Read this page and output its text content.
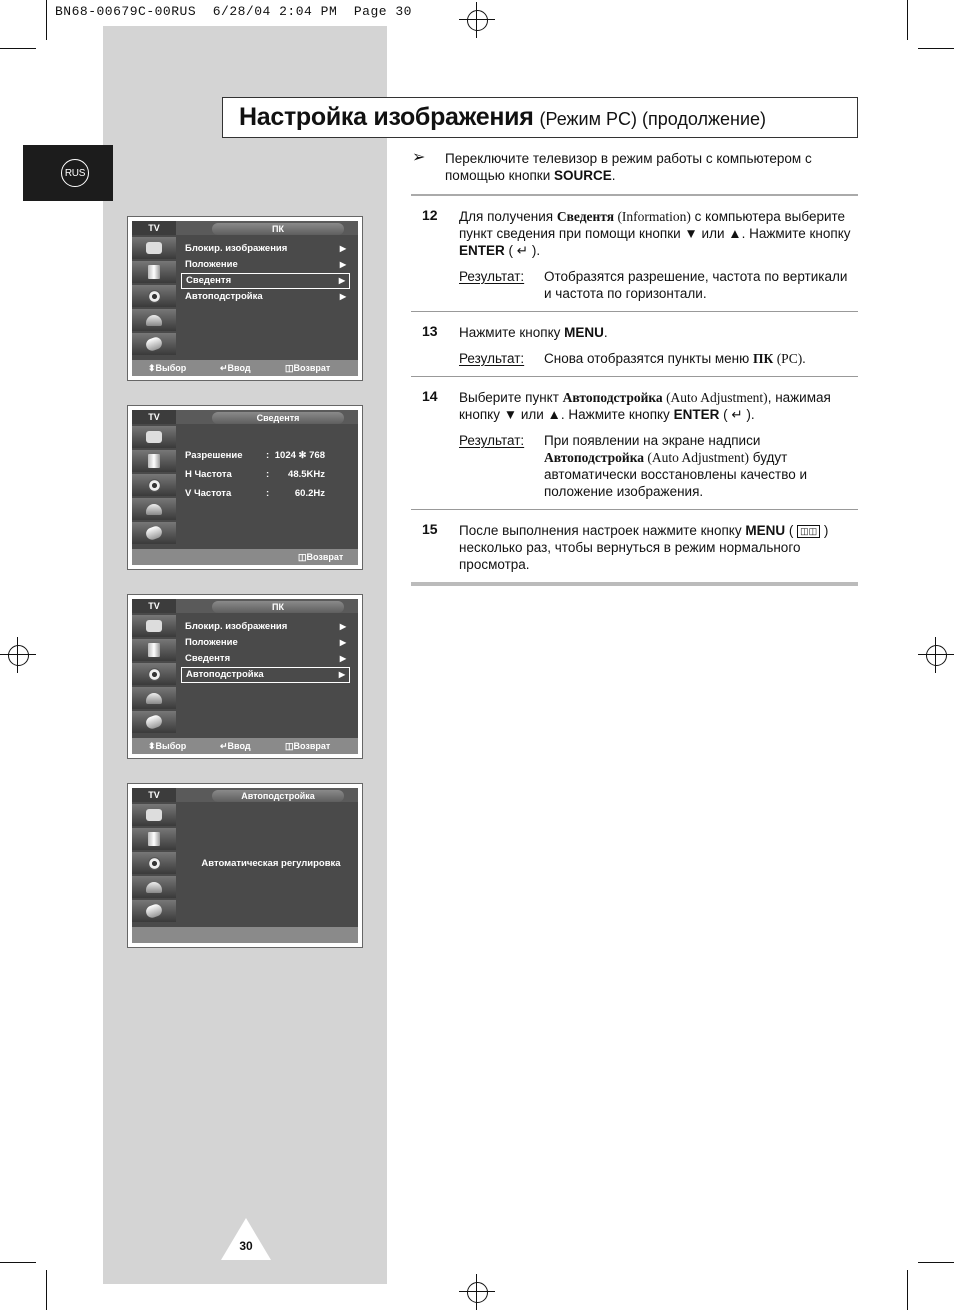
BN68-00679C-00RUS  6/28/04 2:04 PM  Page 30
RUS
Настройка изображения (Режим PC) (продолжение)
➢ Переключите телевизор в режим работы с компьютером с помощью кнопки SOURCE.
12 Для получения Сведентя (Information) с компьютера выберите пункт сведения при помощи кнопки ▼ или ▲. Нажмите кнопку ENTER ( ↵ ).
Результат:	Отобразятся разрешение, частота по вертикали и частота по горизонтали.
13 Нажмите кнопку MENU.
Результат:	Снова отобразятся пункты меню ПК (PC).
14 Выберите пункт Автоподстройка (Auto Adjustment), нажимая кнопку ▼ или ▲. Нажмите кнопку ENTER ( ↵ ).
Результат:	При появлении на экране надписи Автоподстройка (Auto Adjustment) будут автоматически восстановлены качество и положение изображения.
15 После выполнения настроек нажмите кнопку MENU ( ◫◫ ) несколько раз, чтобы вернуться в режим нормального просмотра.
TV	ПК
Блокир. изображения	▶
Положение	▶
Сведентя	▶
Автоподстройка	▶
⬍ Выбор	↵ Ввод	◫ Возврат
TV	Сведентя
Разрешение : 1024 ✻ 768
H Частота	: 48.5KHz
V Частота	:	60.2Hz
◫ Возврат
TV	ПК
Блокир. изображения	▶
Положение	▶
Сведентя	▶
Автоподстройка	▶
⬍ Выбор	↵ Ввод	◫ Возврат
TV	Автоподстройка
Автоматическая регулировка
30
